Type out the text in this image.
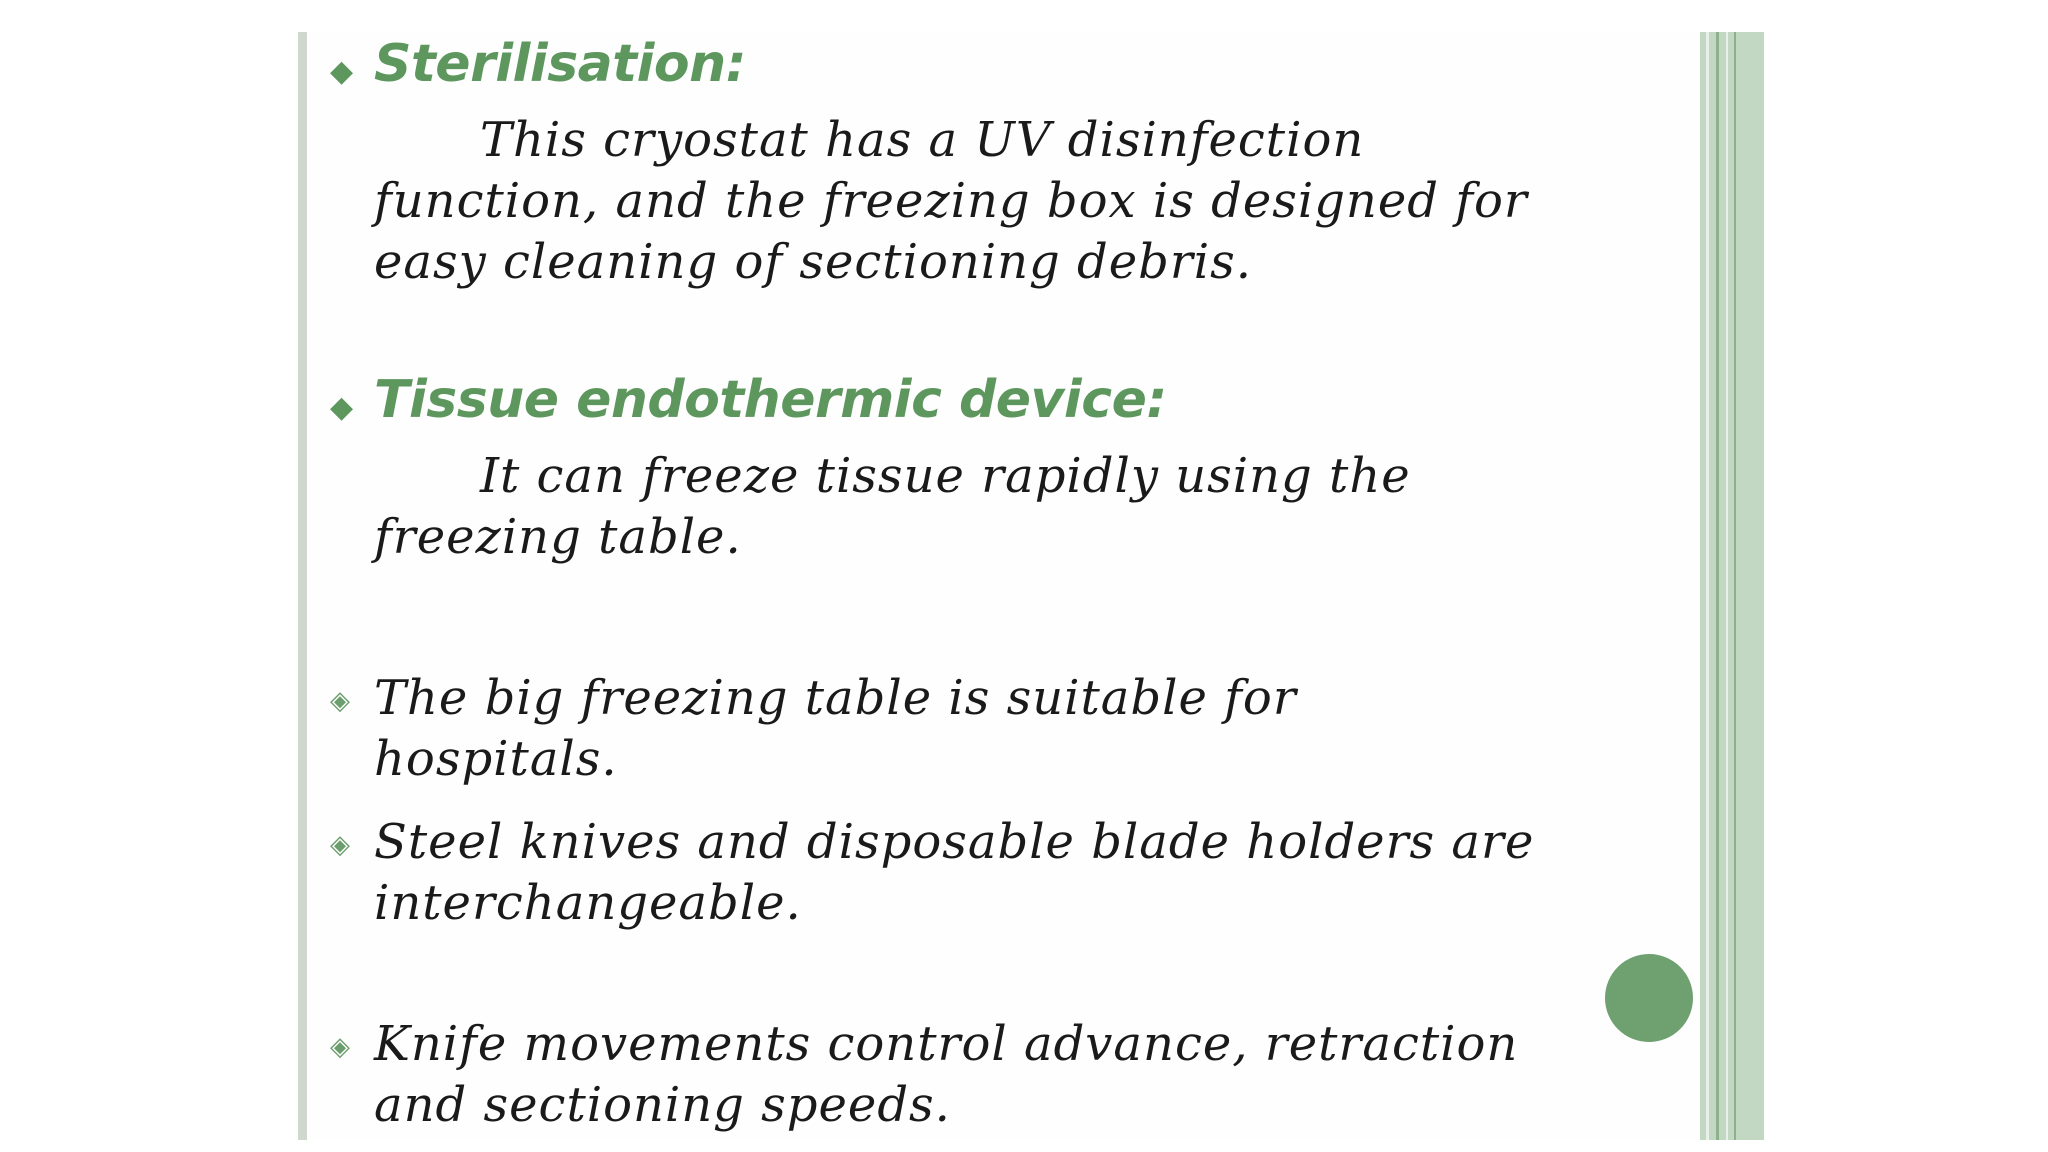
◆ Sterilisation:
This cryostat has a UV disinfection function, and the freezing box is designed for easy cleaning of sectioning debris.
◆ Tissue endothermic device:
It can freeze tissue rapidly using the freezing table.
◈ The big freezing table is suitable for hospitals.
◈ Steel knives and disposable blade holders are interchangeable.
◈ Knife movements control advance, retraction and sectioning speeds.
